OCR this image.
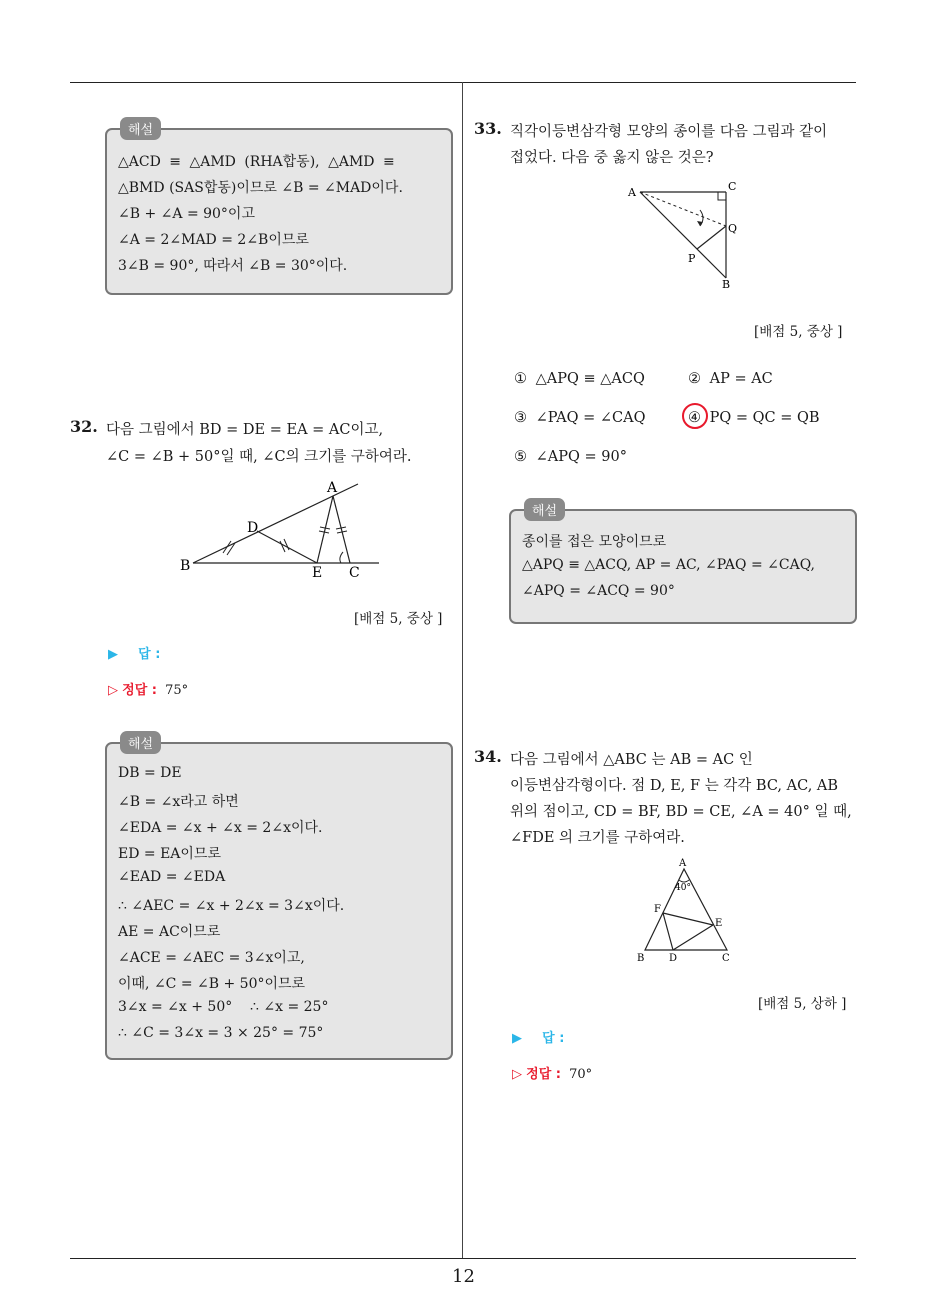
12
해설
△ACD ≡ △AMD (RHA합동), △AMD ≡
△BMD (SAS합동)이므로 ∠B = ∠MAD이다.
∠B + ∠A = 90°이고
∠A = 2∠MAD = 2∠B이므로
3∠B = 90°, 따라서 ∠B = 30°이다.
32. 다음 그림에서 BD = DE = EA = AC이고,
∠C = ∠B + 50°일 때, ∠C의 크기를 구하여라.
A
D
B	E C
[배점 5, 중상 ]
▶ 답 :
▷ 정답 : 75°
해설
DB = DE
∠B = ∠x라고 하면
∠EDA = ∠x + ∠x = 2∠x이다.
ED = EA이므로
∠EAD = ∠EDA
∴ ∠AEC = ∠x + 2∠x = 3∠x이다.
AE = AC이므로
∠ACE = ∠AEC = 3∠x이고,
이때, ∠C = ∠B + 50°이므로
3∠x = ∠x + 50°    ∴ ∠x = 25°
∴ ∠C = 3∠x = 3 × 25° = 75°
33. 직각이등변삼각형 모양의 종이를 다음 그림과 같이
접었다. 다음 중 옳지 않은 것은?
A	C
Q
P
B
[배점 5, 중상 ]
① △APQ ≡ △ACQ	② AP = AC
③ ∠PAQ = ∠CAQ	④ PQ = QC = QB
⑤ ∠APQ = 90°
해설
종이를 접은 모양이므로
△APQ ≡ △ACQ, AP = AC, ∠PAQ = ∠CAQ,
∠APQ = ∠ACQ = 90°
34. 다음 그림에서 △ABC 는 AB = AC 인
이등변삼각형이다. 점 D, E, F 는 각각 BC, AC, AB
위의 점이고, CD = BF, BD = CE, ∠A = 40° 일 때,
∠FDE 의 크기를 구하여라.
A
40°
F
E
B D	C
[배점 5, 상하 ]
▶ 답 :
▷ 정답 : 70°
